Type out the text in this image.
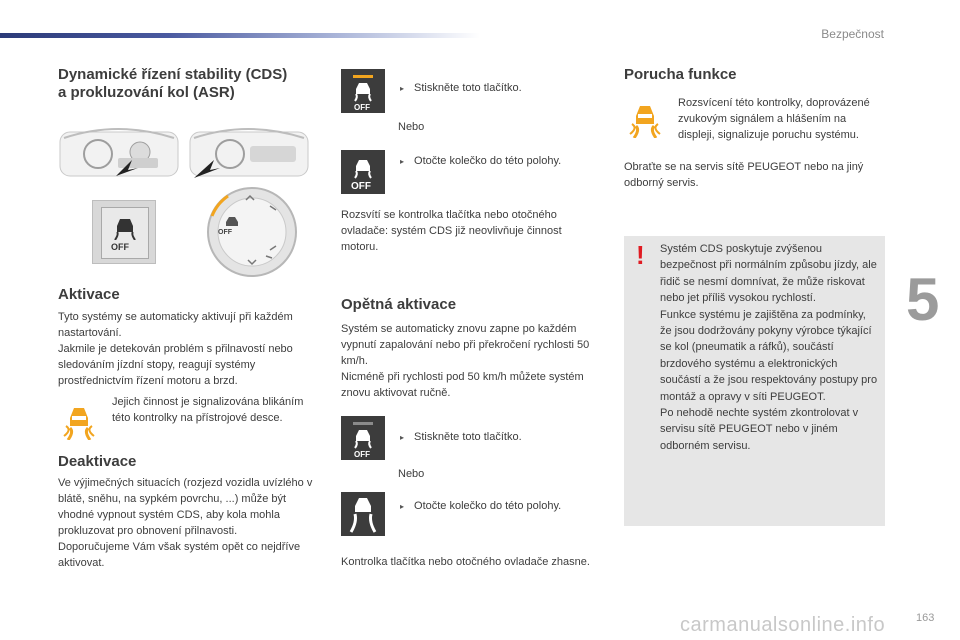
Bezpečnost
5
Dynamické řízení stability (CDS)
a prokluzování kol (ASR)
OFF
OFF
Aktivace

Tyto systémy se automaticky aktivují při každém nastartování.
Jakmile je detekován problém s přilnavostí nebo sledováním jízdní stopy, reagují systémy prostřednictvím řízení motoru a brzd.

Jejich činnost je signalizována blikáním této kontrolky na přístrojové desce.

Deaktivace

Ve výjimečných situacích (rozjezd vozidla uvízlého v blátě, sněhu, na sypkém povrchu, ...) může být vhodné vypnout systém CDS, aby kola mohla prokluzovat pro obnovení přilnavosti.
Doporučujeme Vám však systém opět co nejdříve aktivovat.

OFF
▸ Stiskněte toto tlačítko.

Nebo

OFF
▸ Otočte kolečko do této polohy.

Rozsvítí se kontrolka tlačítka nebo otočného ovladače: systém CDS již neovlivňuje činnost motoru.

Opětná aktivace

Systém se automaticky znovu zapne po každém vypnutí zapalování nebo při překročení rychlosti 50 km/h.
Nicméně při rychlosti pod 50 km/h můžete systém znovu aktivovat ručně.

OFF
▸ Stiskněte toto tlačítko.

Nebo

▸ Otočte kolečko do této polohy.

Kontrolka tlačítka nebo otočného ovladače zhasne.

Porucha funkce

Rozsvícení této kontrolky, doprovázené zvukovým signálem a hlášením na displeji, signalizuje poruchu systému.

Obraťte se na servis sítě PEUGEOT nebo na jiný odborný servis.

! Systém CDS poskytuje zvýšenou bezpečnost při normálním způsobu jízdy, ale řidič se nesmí domnívat, že může riskovat nebo jet příliš vysokou rychlostí.
Funkce systému je zajištěna za podmínky, že jsou dodržovány pokyny výrobce týkající se kol (pneumatik a ráfků), součástí brzdového systému a elektronických součástí a že jsou respektovány postupy pro montáž a opravy v síti PEUGEOT.
Po nehodě nechte systém zkontrolovat v servisu sítě PEUGEOT nebo v jiném odborném servisu.

carmanualsonline.info	163
